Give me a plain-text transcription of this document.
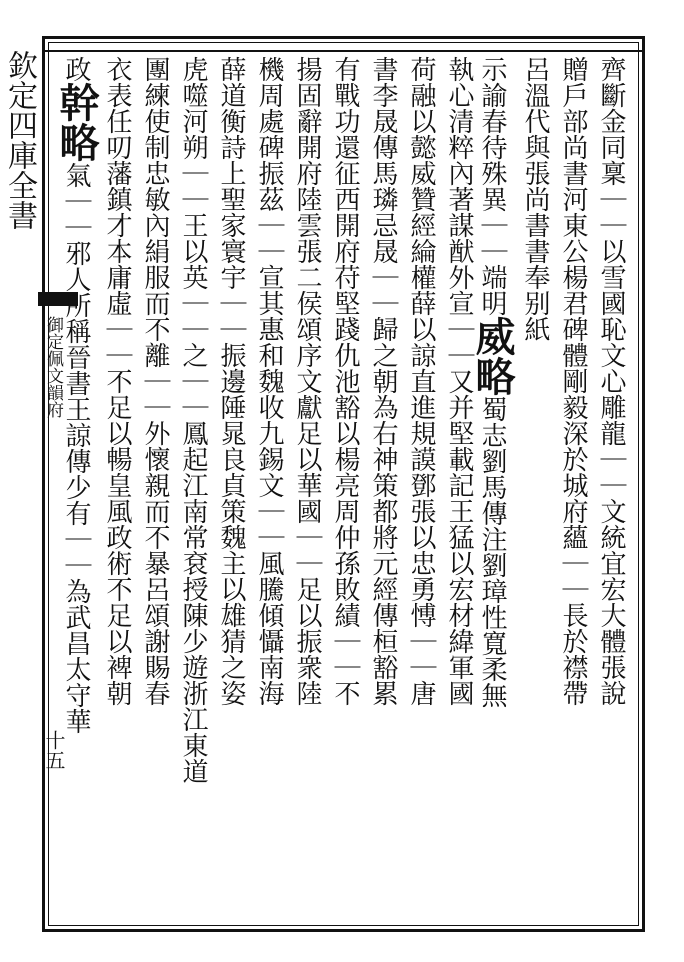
欽定四庫全書
御定佩文韻府
十五
齊斷金同稟｜｜以雪國恥文心雕龍｜｜文統宜宏大體張說
贈戶部尚書河東公楊君碑體剛毅深於城府蘊｜｜長於襟帶
呂溫代與張尚書書奉别紙
示諭春待殊異｜｜端明威略蜀志劉馬傳注劉璋性寬柔無
執心清粹內著謀猷外宣｜｜又并堅載記王猛以宏材緯軍國
荷融以懿威贊經綸權薛以諒直進規謨鄧張以忠勇愽｜｜唐
書李晟傳馬璘忌晟｜｜歸之朝為右神策都將元經傳桓豁累
有戰功還征西開府苻堅踐仇池豁以楊亮周仲孫敗績｜｜不
揚固辭開府陸雲張二侯頌序文獻足以華國｜｜足以振衆陸
機周處碑振茲｜｜宣其惠和魏收九錫文｜｜風騰傾懾南海
薛道衡詩上聖家寰宇｜｜振邊陲晁良貞策魏主以雄猜之姿
虎噬河朔｜｜王以英｜｜之｜｜鳳起江南常袞授陳少遊浙江東道
團練使制忠敏內絹服而不離｜｜外懷親而不暴呂頌謝賜春
衣表任叨藩鎮才本庸虛｜｜不足以暢皇風政術不足以裨朝
政幹略氣｜｜邪人所稱晉書王諒傳少有｜｜為武昌太守華
